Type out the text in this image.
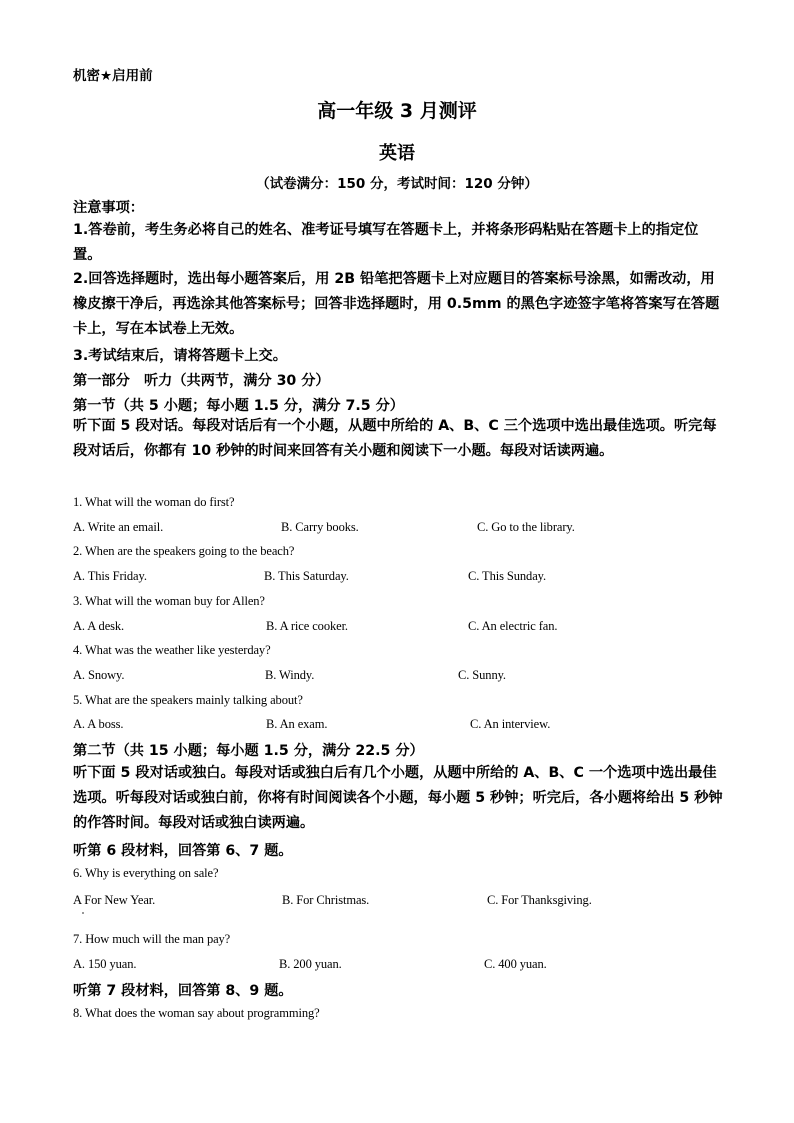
机密★启用前
高一年级 3 月测评
英语
（试卷满分：150 分，考试时间：120 分钟）
注意事项：
1.答卷前，考生务必将自己的姓名、准考证号填写在答题卡上，并将条形码粘贴在答题卡上的指定位置。
2.回答选择题时，选出每小题答案后，用 2B 铅笔把答题卡上对应题目的答案标号涂黑，如需改动，用橡皮擦干净后，再选涂其他答案标号；回答非选择题时，用 0.5mm 的黑色字迹签字笔将答案写在答题卡上，写在本试卷上无效。
3.考试结束后，请将答题卡上交。
第一部分　听力（共两节，满分 30 分）
第一节（共 5 小题；每小题 1.5 分，满分 7.5 分）
听下面 5 段对话。每段对话后有一个小题，从题中所给的 A、B、C 三个选项中选出最佳选项。听完每段对话后，你都有 10 秒钟的时间来回答有关小题和阅读下一小题。每段对话读两遍。
1. What will the woman do first?
A. Write an email.	B. Carry books.	C. Go to the library.
2. When are the speakers going to the beach?
A. This Friday.	B. This Saturday.	C. This Sunday.
3. What will the woman buy for Allen?
A. A desk.	B. A rice cooker.	C. An electric fan.
4. What was the weather like yesterday?
A. Snowy.	B. Windy.	C. Sunny.
5. What are the speakers mainly talking about?
A. A boss.	B. An exam.	C. An interview.
第二节（共 15 小题；每小题 1.5 分，满分 22.5 分）
听下面 5 段对话或独白。每段对话或独白后有几个小题，从题中所给的 A、B、C 一个选项中选出最佳选项。听每段对话或独白前，你将有时间阅读各个小题，每小题 5 秒钟；听完后，各小题将给出 5 秒钟的作答时间。每段对话或独白读两遍。
听第 6 段材料，回答第 6、7 题。
6. Why is everything on sale?
A For New Year.	B. For Christmas.	C. For Thanksgiving.
7. How much will the man pay?
A. 150 yuan.	B. 200 yuan.	C. 400 yuan.
听第 7 段材料，回答第 8、9 题。
8. What does the woman say about programming?
